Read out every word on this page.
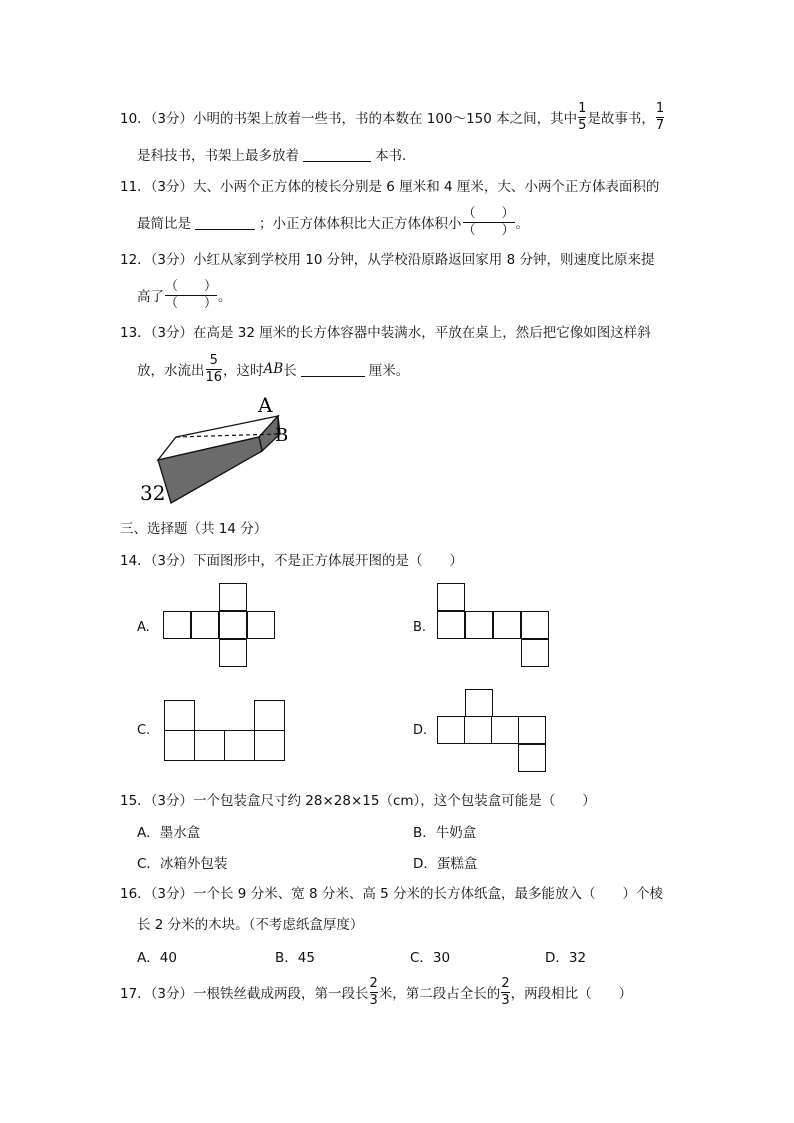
10．（3分）小明的书架上放着一些书，书的本数在 100～150 本之间，其中 $\frac{1}{5}$ 是故事书， $\frac{1}{7}$
是科技书，书架上最多放着	本书．
11．（3分）大、小两个正方体的棱长分别是 6 厘米和 4 厘米，大、小两个正方体表面积的
最简比是	；小正方体体积比大正方体体积小 $\frac{( )}{( )}$ 。
12．（3分）小红从家到学校用 10 分钟，从学校沿原路返回家用 8 分钟，则速度比原来提
高了 $\frac{( )}{( )}$ 。
13．（3分）在高是 32 厘米的长方体容器中装满水，平放在桌上，然后把它像如图这样斜
放，水流出 $\frac{5}{16}$ ，这时 AB 长	厘米。
A
B
32
三、选择题（共 14 分）
14．（3分）下面图形中，不是正方体展开图的是（　　）
A.	B.
C.	D.
15．（3分）一个包装盒尺寸约 28×28×15（cm），这个包装盒可能是（　　）
A．墨水盒	B．牛奶盒
C．冰箱外包装	D．蛋糕盒
16．（3分）一个长 9 分米、宽 8 分米、高 5 分米的长方体纸盒，最多能放入（　　）个棱
长 2 分米的木块。（不考虑纸盒厚度）
A．40	B．45	C．30	D．32
17．（3分）一根铁丝截成两段，第一段长 $\frac{2}{3}$ 米，第二段占全长的 $\frac{2}{3}$ ，两段相比（　　）
